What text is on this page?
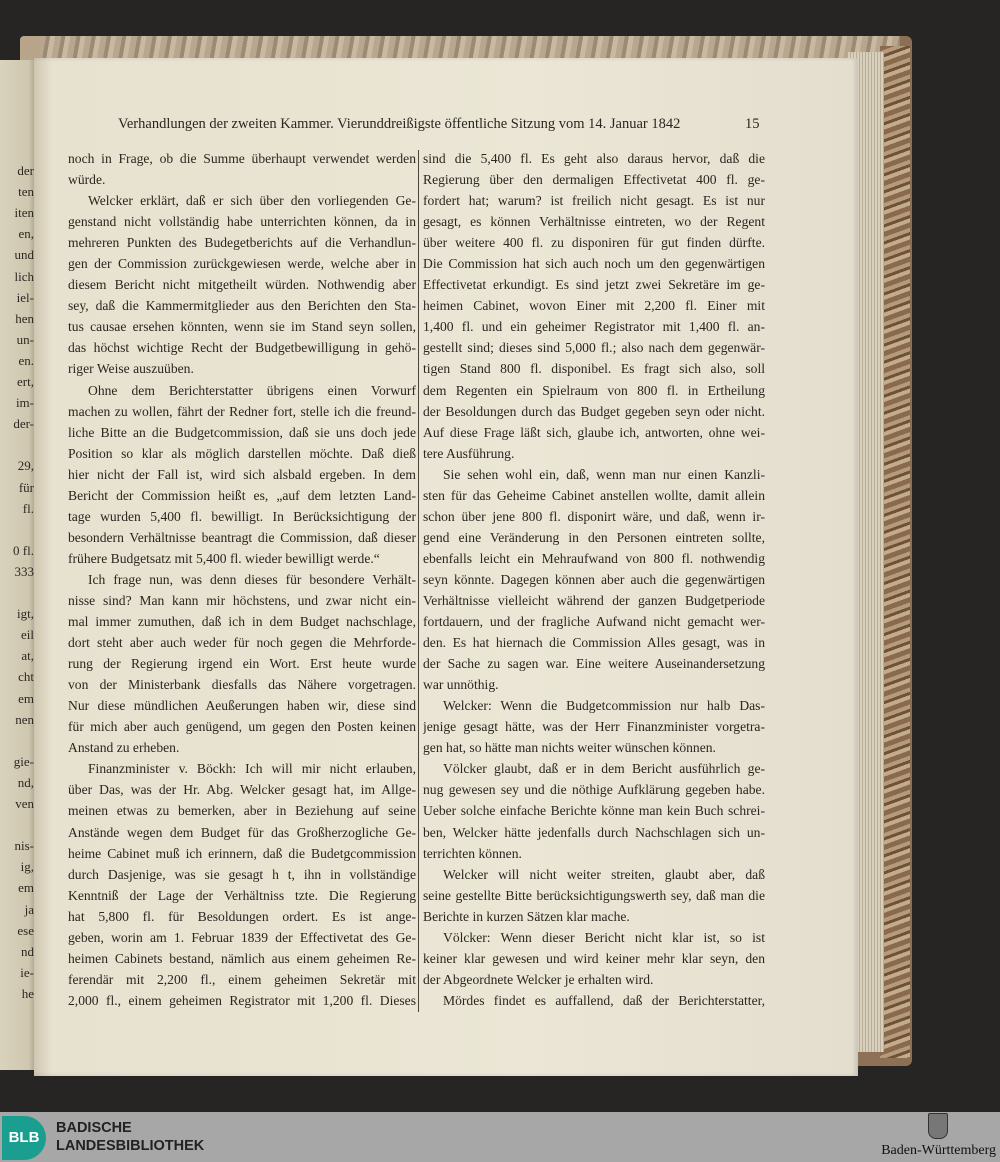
der
ten
iten
en,
und
lich
iel-
hen
un-
en.
ert,
im-
der-
29,
für
fl.
0 fl.
333
igt,
eil
at,
cht
em
nen
gie-
nd,
ven
nis-
ig,
em
ja
ese
nd
ie-
he
Verhandlungen der zweiten Kammer. Vierunddreißigste öffentliche Sitzung vom 14. Januar 1842	15
noch in Frage, ob die Summe überhaupt verwendet werden
würde.
Welcker erklärt, daß er sich über den vorliegenden Ge-
genstand nicht vollständig habe unterrichten können, da in
mehreren Punkten des Budegetberichts auf die Verhandlun-
gen der Commission zurückgewiesen werde, welche aber in
diesem Bericht nicht mitgetheilt würden. Nothwendig aber
sey, daß die Kammermitglieder aus den Berichten den Sta-
tus causae ersehen könnten, wenn sie im Stand seyn sollen,
das höchst wichtige Recht der Budgetbewilligung in gehö-
riger Weise auszuüben.
Ohne dem Berichterstatter übrigens einen Vorwurf
machen zu wollen, fährt der Redner fort, stelle ich die freund-
liche Bitte an die Budgetcommission, daß sie uns doch jede
Position so klar als möglich darstellen möchte. Daß dieß
hier nicht der Fall ist, wird sich alsbald ergeben. In dem
Bericht der Commission heißt es, „auf dem letzten Land-
tage wurden 5,400 fl. bewilligt. In Berücksichtigung der
besondern Verhältnisse beantragt die Commission, daß dieser
frühere Budgetsatz mit 5,400 fl. wieder bewilligt werde.“
Ich frage nun, was denn dieses für besondere Verhält-
nisse sind? Man kann mir höchstens, und zwar nicht ein-
mal immer zumuthen, daß ich in dem Budget nachschlage,
dort steht aber auch weder für noch gegen die Mehrforde-
rung der Regierung irgend ein Wort. Erst heute wurde
von der Ministerbank diesfalls das Nähere vorgetragen.
Nur diese mündlichen Aeußerungen haben wir, diese sind
für mich aber auch genügend, um gegen den Posten keinen
Anstand zu erheben.
Finanzminister v. Böckh: Ich will mir nicht erlauben,
über Das, was der Hr. Abg. Welcker gesagt hat, im Allge-
meinen etwas zu bemerken, aber in Beziehung auf seine
Anstände wegen dem Budget für das Großherzogliche Ge-
heime Cabinet muß ich erinnern, daß die Budetgcommission
durch Dasjenige, was sie gesagt h t, ihn in vollständige
Kenntniß der Lage der Verhältniss tzte. Die Regierung
hat 5,800 fl. für Besoldungen ordert. Es ist ange-
geben, worin am 1. Februar 1839 der Effectivetat des Ge-
heimen Cabinets bestand, nämlich aus einem geheimen Re-
ferendär mit 2,200 fl., einem geheimen Sekretär mit
2,000 fl., einem geheimen Registrator mit 1,200 fl. Dieses
sind die 5,400 fl. Es geht also daraus hervor, daß die
Regierung über den dermaligen Effectivetat 400 fl. ge-
fordert hat; warum? ist freilich nicht gesagt. Es ist nur
gesagt, es können Verhältnisse eintreten, wo der Regent
über weitere 400 fl. zu disponiren für gut finden dürfte.
Die Commission hat sich auch noch um den gegenwärtigen
Effectivetat erkundigt. Es sind jetzt zwei Sekretäre im ge-
heimen Cabinet, wovon Einer mit 2,200 fl. Einer mit
1,400 fl. und ein geheimer Registrator mit 1,400 fl. an-
gestellt sind; dieses sind 5,000 fl.; also nach dem gegenwär-
tigen Stand 800 fl. disponibel. Es fragt sich also, soll
dem Regenten ein Spielraum von 800 fl. in Ertheilung
der Besoldungen durch das Budget gegeben seyn oder nicht.
Auf diese Frage läßt sich, glaube ich, antworten, ohne wei-
tere Ausführung.
Sie sehen wohl ein, daß, wenn man nur einen Kanzli-
sten für das Geheime Cabinet anstellen wollte, damit allein
schon über jene 800 fl. disponirt wäre, und daß, wenn ir-
gend eine Veränderung in den Personen eintreten sollte,
ebenfalls leicht ein Mehraufwand von 800 fl. nothwendig
seyn könnte. Dagegen können aber auch die gegenwärtigen
Verhältnisse vielleicht während der ganzen Budgetperiode
fortdauern, und der fragliche Aufwand nicht gemacht wer-
den. Es hat hiernach die Commission Alles gesagt, was in
der Sache zu sagen war. Eine weitere Auseinandersetzung
war unnöthig.
Welcker: Wenn die Budgetcommission nur halb Das-
jenige gesagt hätte, was der Herr Finanzminister vorgetra-
gen hat, so hätte man nichts weiter wünschen können.
Völcker glaubt, daß er in dem Bericht ausführlich ge-
nug gewesen sey und die nöthige Aufklärung gegeben habe.
Ueber solche einfache Berichte könne man kein Buch schrei-
ben, Welcker hätte jedenfalls durch Nachschlagen sich un-
terrichten können.
Welcker will nicht weiter streiten, glaubt aber, daß
seine gestellte Bitte berücksichtigungswerth sey, daß man die
Berichte in kurzen Sätzen klar mache.
Völcker: Wenn dieser Bericht nicht klar ist, so ist
keiner klar gewesen und wird keiner mehr klar seyn, den
der Abgeordnete Welcker je erhalten wird.
Mördes findet es auffallend, daß der Berichterstatter,
BLB
BADISCHE
LANDESBIBLIOTHEK	Baden-Württemberg
